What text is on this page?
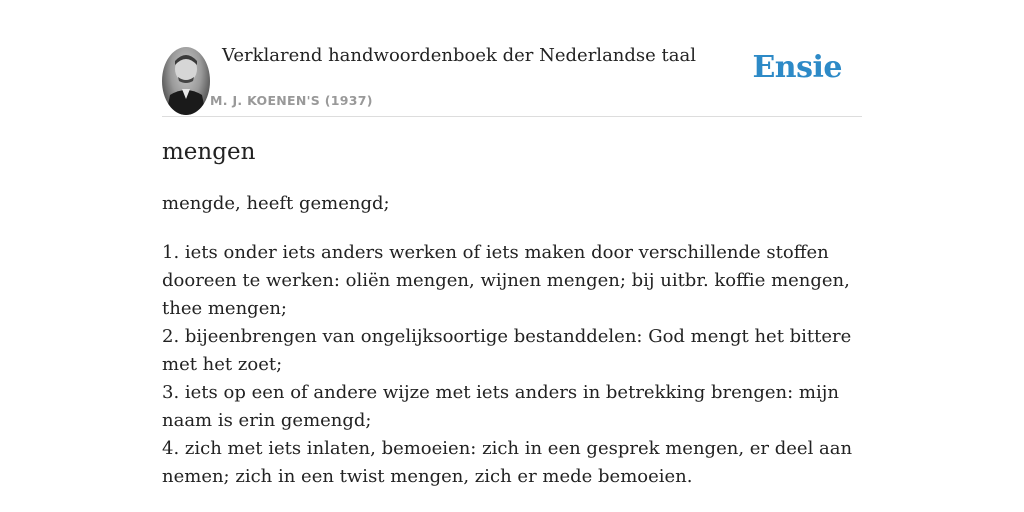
Verklarend handwoordenboek der Nederlandse taal
M. J. KOENEN'S (1937)
Ensie
mengen
mengde, heeft gemengd;
1. iets onder iets anders werken of iets maken door verschillende stoffen dooreen te werken: oliën mengen, wijnen mengen; bij uitbr. koffie mengen, thee mengen;
2. bijeenbrengen van ongelijksoortige bestanddelen: God mengt het bittere met het zoet;
3. iets op een of andere wijze met iets anders in betrekking brengen: mijn naam is erin gemengd;
4. zich met iets inlaten, bemoeien: zich in een gesprek mengen, er deel aan nemen; zich in een twist mengen, zich er mede bemoeien.
